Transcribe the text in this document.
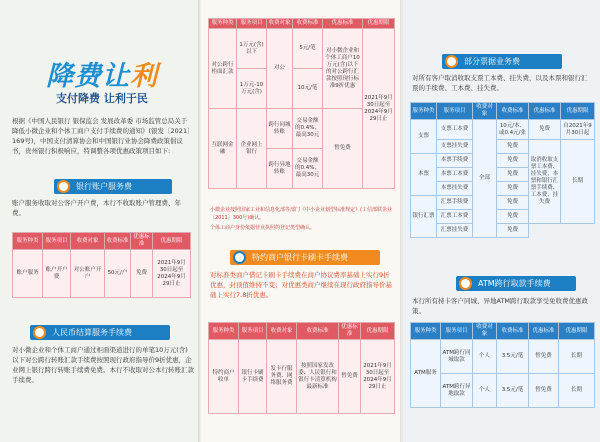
降费让利
支付降费 让利于民
根据《中国人民银行 银保监会 发展改革委 市场监管总局关于降低小微企业和个体工商户支付手续费的通知》(银发〔2021〕169号)，中国支付清算协会和中国银行业协会降费政策倡议书，贵州银行积极响应，特调整各项优惠政策项目如下:
银行账户服务费
账户服务收取对公客户开户费，本行不收取账户管理费、年费。
服务种类	服务项目	收费对象	收费标准	优惠标准	优惠期限
账户服务	账户开户费	对公账户开户	50元/户	免费	2021年9月30日起至2024年9月29日止
人民币结算服务手续费
对小微企业和个体工商户通过柜面渠道进行的单笔10万元(含)以下对公跨行转账汇款手续费按照现行政府指导价9折优惠，企业网上银行跨行转账手续费免费。本行不收取对公本行转账汇款手续费。
服务种类	服务项目	收费对象	收费标准	优惠标准	优惠期限
对公跨行柜面汇款	1万元(含)以下	对公	5元/笔	对小微企业和个体工商户10万元(含)以下的对公跨行汇款按照现行标准9折优惠	2021年9月30日起至2024年9月29日止
	1万元-10万元(含)		10元/笔		
互联网金融	企业网上银行	跨行同城转账	交易金额的0.4%，最高30元	暂免费	
		跨行异地转账	交易金额的0.4%，最高30元		
小微企业按照国家工业和信息化部等部门《中小企业划型标准规定》(工信部联企业〔2011〕300号)确认。
个体工商户身份依据营业执照的登记类型确认。
特约商户银行卡刷卡手续费
对标准类商户借记卡刷卡手续费在商户协议费率基础上实行9折优惠，封顶值维持不变；对优惠类商户继续在现行政府指导价基础上实行7.8折优惠。
服务种类	服务项目	收费对象	收费标准	优惠标准	优惠期限
特约商户收单	银行卡刷卡手续费	发卡行服务费、网络服务费	按照国家发改委、人民银行和银行卡清算机构最新标准	暂免费	2021年9月30日起至2024年9月29日止
部分票据业务费
对所有客户取消收取支票工本费、挂失费，以及本票和银行汇票的手续费、工本费、挂失费。
服务种类	服务项目	收费对象	收费标准	优惠标准	优惠期限
支票	支票工本费	全部	10元/本、或0.4元/张	免费	自2021年9月30日起
	支票挂失费		免费	取消收取支票工本费、挂失费，本票和银行汇票手续费、工本费、挂失费	长期
本票	本票手续费		免费		
	本票工本费		免费		
	本票挂失费		免费		
银行汇票	汇票手续费		免费		
	汇票工本费		免费		
	汇票挂失费		免费		
ATM跨行取款手续费
本行所有持卡客户同城、异地ATM跨行取款享受免收费优惠政策。
服务种类	服务项目	收费对象	收费标准	优惠标准	优惠期限
ATM服务	ATM跨行同城取款	个人	3.5元/笔	暂免费	长期
	ATM跨行异地取款	个人	3.5元/笔	暂免费	长期
